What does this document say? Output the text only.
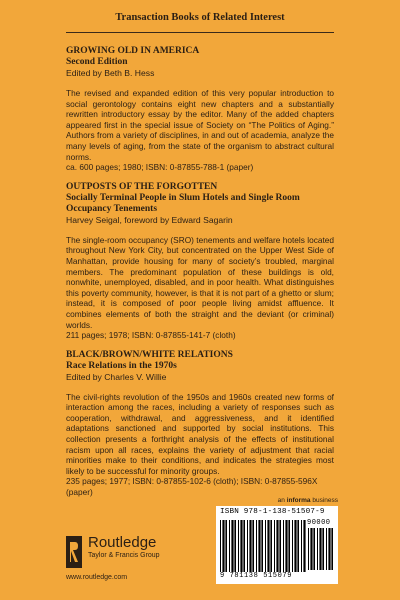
Transaction Books of Related Interest
GROWING OLD IN AMERICA
Second Edition
Edited by Beth B. Hess
The revised and expanded edition of this very popular introduction to social gerontology contains eight new chapters and a substantially rewritten introductory essay by the editor. Many of the added chapters appeared first in the special issue of Society on “The Politics of Aging.” Authors from a variety of disciplines, in and out of academia, analyze the many levels of aging, from the state of the organism to abstract cultural norms.
ca. 600 pages; 1980; ISBN: 0-87855-788-1 (paper)
OUTPOSTS OF THE FORGOTTEN
Socially Terminal People in Slum Hotels and Single Room Occupancy Tenements
Harvey Seigal, foreword by Edward Sagarin
The single-room occupancy (SRO) tenements and welfare hotels located throughout New York City, but concentrated on the Upper West Side of Manhattan, provide housing for many of society’s troubled, marginal members. The predominant population of these buildings is old, nonwhite, unemployed, disabled, and in poor health. What distinguishes this poverty community, however, is that it is not part of a ghetto or slum; instead, it is composed of poor people living amidst affluence. It combines elements of both the straight and the deviant (or criminal) worlds.
211 pages; 1978; ISBN: 0-87855-141-7 (cloth)
BLACK/BROWN/WHITE RELATIONS
Race Relations in the 1970s
Edited by Charles V. Willie
The civil-rights revolution of the 1950s and 1960s created new forms of interaction among the races, including a variety of responses such as cooperation, withdrawal, and aggressiveness, and it identified adaptations sanctioned and supported by social institutions. This collection presents a forthright analysis of the effects of institutional racism upon all races, explains the variety of adjustment that racial minorities make to their conditions, and indicates the strategies most likely to be successful for minority groups.
235 pages; 1977; ISBN: 0-87855-102-6 (cloth); ISBN: 0-87855-596X (paper)
an informa business
ISBN 978-1-138-51507-9
90000
9 781138 515079
Routledge
Taylor & Francis Group
www.routledge.com
